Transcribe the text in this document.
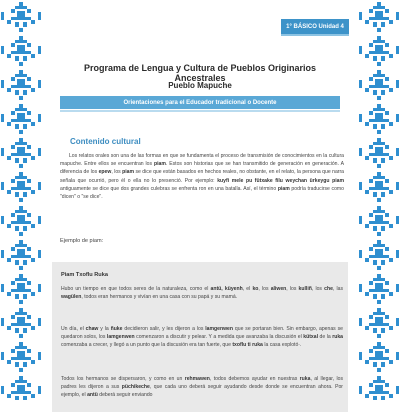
1° BÁSICO Unidad 4
Programa de Lengua y Cultura de Pueblos Originarios Ancestrales
Pueblo Mapuche
Orientaciones para el Educador tradicional o Docente
Contenido cultural

Los relatos orales son una de las formas en que se fundamenta el proceso de transmisión de conocimientos en la cultura mapuche. Entre ellos se encuentran los piam. Estos son historias que se han transmitido de generación en generación. A diferencia de los epew, los piam se dice que están basados en hechos reales, no obstante, en el relato, la persona que narra señala que ocurrió, pero él o ella no lo presenció. Por ejemplo: kuyfi mele pu fütxake filu weychan ürkeygu piam antiguamente se dice que dos grandes culebras se enfrenta ron en una batalla. Así, el término piam podría traducirse como "dicen" o "se dice".

Ejemplo de piam:
Piam Txoflu Ruka

Hubo un tiempo en que todos seres de la naturaleza, como el antü, küyenh, el ko, los aliwen, los kulliñ, los che, las wagülen, todos eran hermanos y vivían en una casa con su papá y su mamá.

Un día, el chaw y la ñuke decidieron salir, y les dijeron a los lamgenwen que se portaran bien. Sin embargo, apenas se quedaron solos, los lamgenwen comenzaron a discutir y pelear. Y a medida que avanzaba la discusión el kütxal de la ruka comenzaba a crecer, y llegó a un punto que la discusión era tan fuerte, que txoflu ti ruka la casa explotó·.

Todos los hermanos se dispersaron, y como en un rehmawen, todos debemos ayudar en nuestras ruka, al llegar, los padres les dijeron a sus püchikeche, que cada uno deberá seguir ayudando desde donde se encuentran ahora. Por ejemplo, el antü deberá seguir enviando
